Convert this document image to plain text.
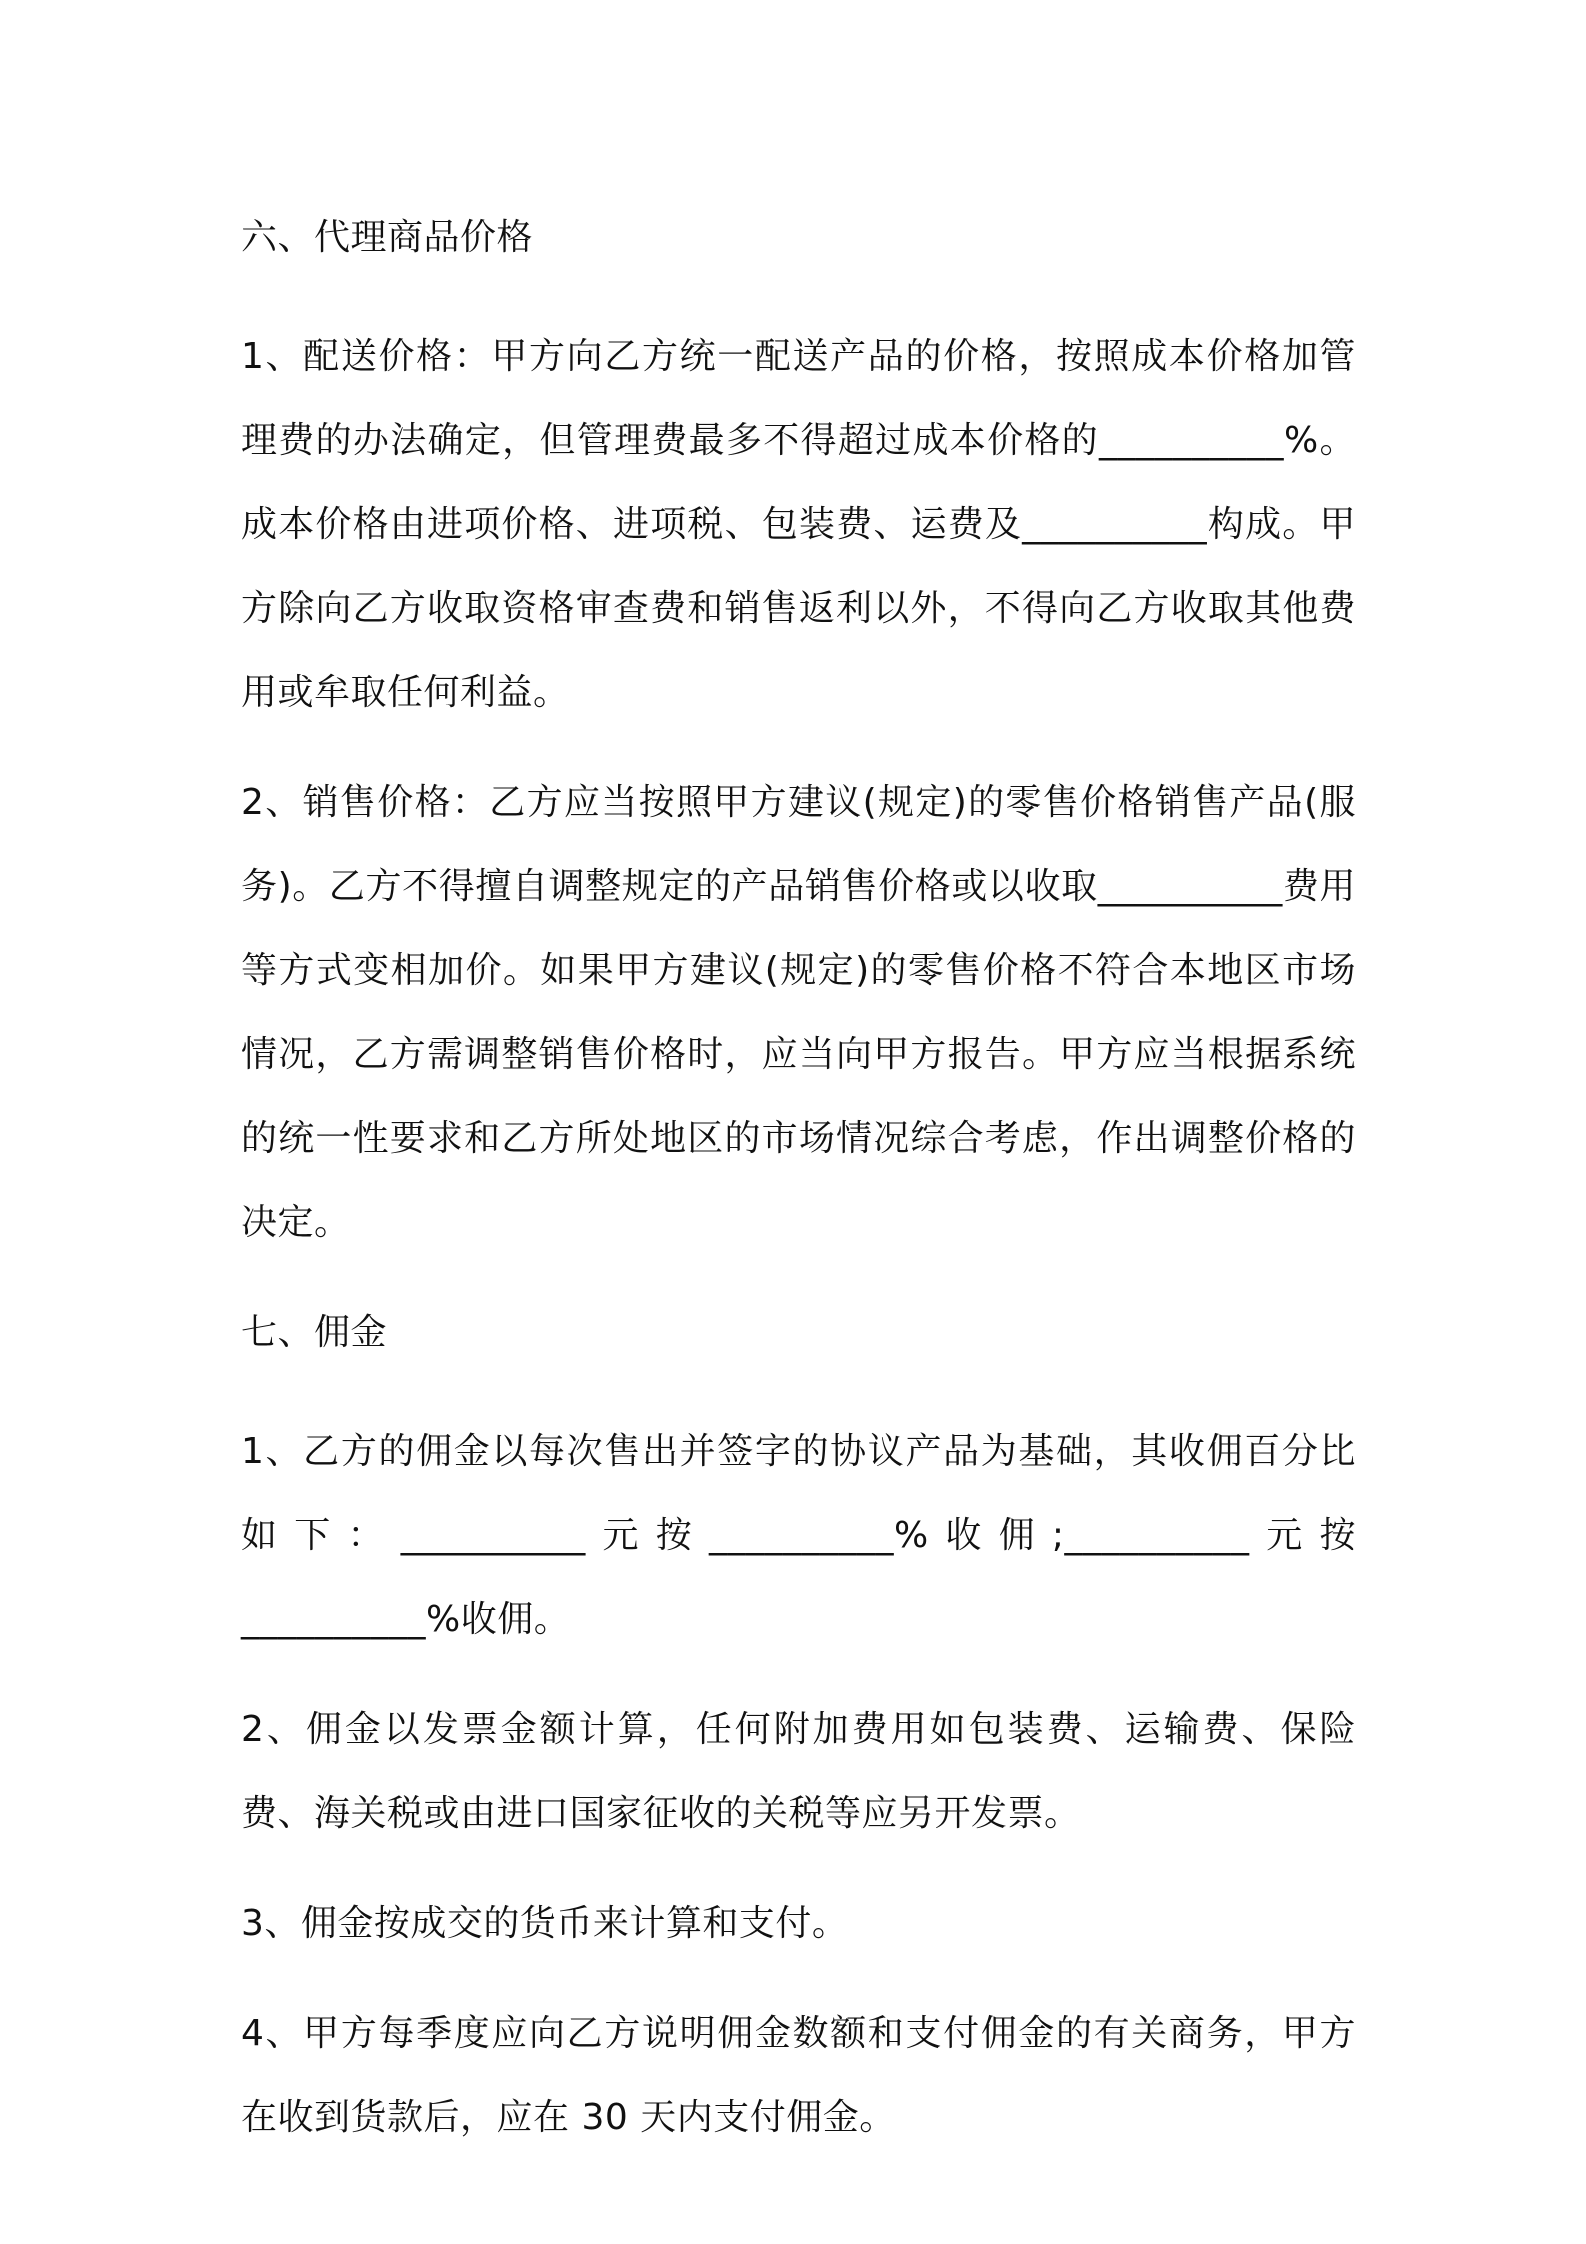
六、代理商品价格

1、配送价格：甲方向乙方统一配送产品的价格，按照成本价格加管理费的办法确定，但管理费最多不得超过成本价格的__________%。成本价格由进项价格、进项税、包装费、运费及__________构成。甲方除向乙方收取资格审查费和销售返利以外，不得向乙方收取其他费用或牟取任何利益。

2、销售价格：乙方应当按照甲方建议(规定)的零售价格销售产品(服务)。乙方不得擅自调整规定的产品销售价格或以收取__________费用等方式变相加价。如果甲方建议(规定)的零售价格不符合本地区市场情况，乙方需调整销售价格时，应当向甲方报告。甲方应当根据系统的统一性要求和乙方所处地区的市场情况综合考虑，作出调整价格的决定。

七、佣金

1、乙方的佣金以每次售出并签字的协议产品为基础，其收佣百分比如下：__________元按__________%收佣;__________元按__________%收佣。

2、佣金以发票金额计算，任何附加费用如包装费、运输费、保险费、海关税或由进口国家征收的关税等应另开发票。

3、佣金按成交的货币来计算和支付。

4、甲方每季度应向乙方说明佣金数额和支付佣金的有关商务，甲方在收到货款后，应在 30 天内支付佣金。
